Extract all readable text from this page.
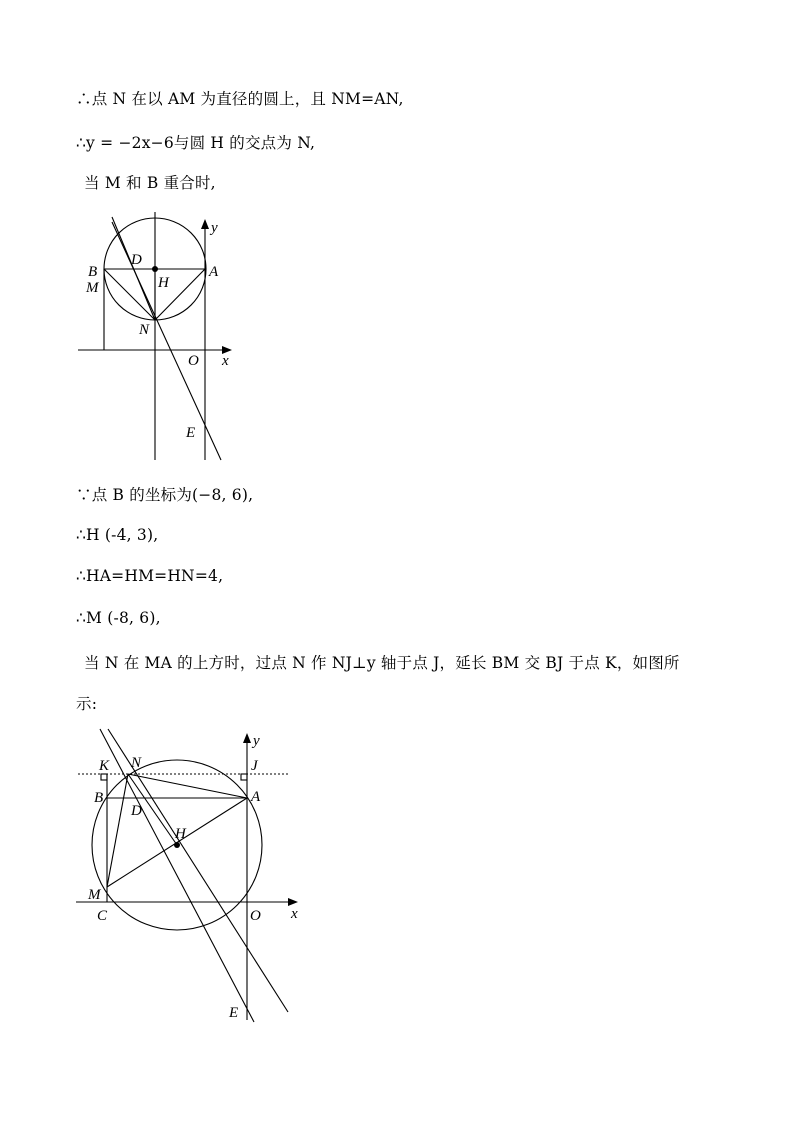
∴点 N 在以 AM 为直径的圆上，且 NM=AN,
∴y = −2x−6与圆 H 的交点为 N,
当 M 和 B 重合时,
B
M
D
H
A
N
O x
y
E
∵点 B 的坐标为(−8, 6),
∴H (-4, 3),
∴HA=HM=HN=4,
∴M (-8, 6),
当 N 在 MA 的上方时，过点 N 作 NJ⊥y 轴于点 J，延长 BM 交 BJ 于点 K，如图所
示:
K N	J
y
B
D
A
H
M
C	O x
E
